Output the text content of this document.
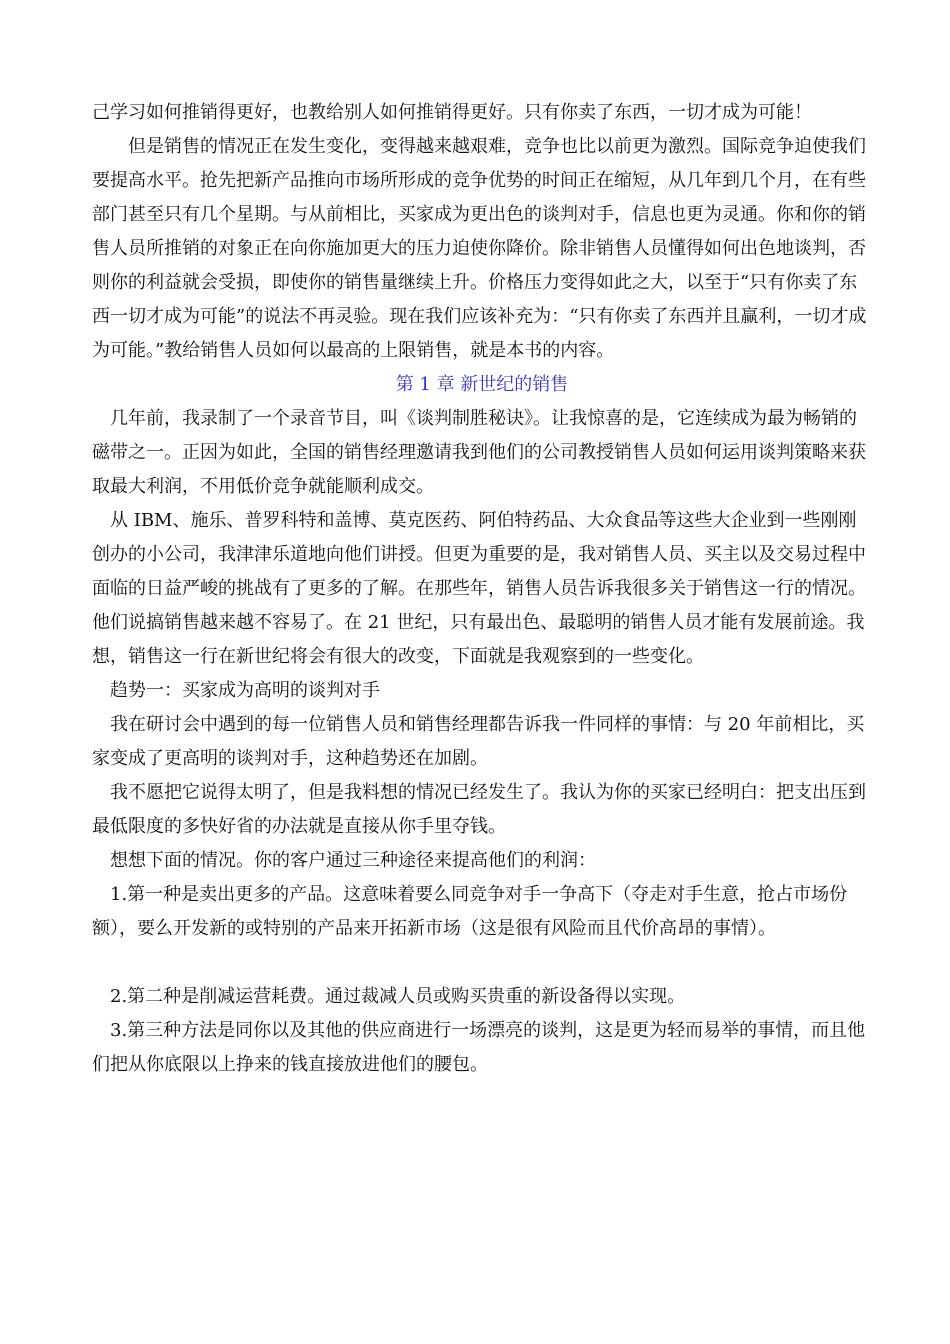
己学习如何推销得更好，也教给别人如何推销得更好。只有你卖了东西，一切才成为可能！

但是销售的情况正在发生变化，变得越来越艰难，竞争也比以前更为激烈。国际竞争迫使我们要提高水平。抢先把新产品推向市场所形成的竞争优势的时间正在缩短，从几年到几个月，在有些部门甚至只有几个星期。与从前相比，买家成为更出色的谈判对手，信息也更为灵通。你和你的销售人员所推销的对象正在向你施加更大的压力迫使你降价。除非销售人员懂得如何出色地谈判，否则你的利益就会受损，即使你的销售量继续上升。价格压力变得如此之大，以至于“只有你卖了东西一切才成为可能”的说法不再灵验。现在我们应该补充为：“只有你卖了东西并且赢利，一切才成为可能。”教给销售人员如何以最高的上限销售，就是本书的内容。

第 1 章 新世纪的销售

几年前，我录制了一个录音节目，叫《谈判制胜秘诀》。让我惊喜的是，它连续成为最为畅销的磁带之一。正因为如此，全国的销售经理邀请我到他们的公司教授销售人员如何运用谈判策略来获取最大利润，不用低价竞争就能顺利成交。

从 IBM、施乐、普罗科特和盖博、莫克医药、阿伯特药品、大众食品等这些大企业到一些刚刚创办的小公司，我津津乐道地向他们讲授。但更为重要的是，我对销售人员、买主以及交易过程中面临的日益严峻的挑战有了更多的了解。在那些年，销售人员告诉我很多关于销售这一行的情况。他们说搞销售越来越不容易了。在 21 世纪，只有最出色、最聪明的销售人员才能有发展前途。我想，销售这一行在新世纪将会有很大的改变，下面就是我观察到的一些变化。

趋势一：买家成为高明的谈判对手

我在研讨会中遇到的每一位销售人员和销售经理都告诉我一件同样的事情：与 20 年前相比，买家变成了更高明的谈判对手，这种趋势还在加剧。

我不愿把它说得太明了，但是我料想的情况已经发生了。我认为你的买家已经明白：把支出压到最低限度的多快好省的办法就是直接从你手里夺钱。

想想下面的情况。你的客户通过三种途径来提高他们的利润：

1.第一种是卖出更多的产品。这意味着要么同竞争对手一争高下（夺走对手生意，抢占市场份额），要么开发新的或特别的产品来开拓新市场（这是很有风险而且代价高昂的事情）。

2.第二种是削减运营耗费。通过裁减人员或购买贵重的新设备得以实现。

3.第三种方法是同你以及其他的供应商进行一场漂亮的谈判，这是更为轻而易举的事情，而且他们把从你底限以上挣来的钱直接放进他们的腰包。
